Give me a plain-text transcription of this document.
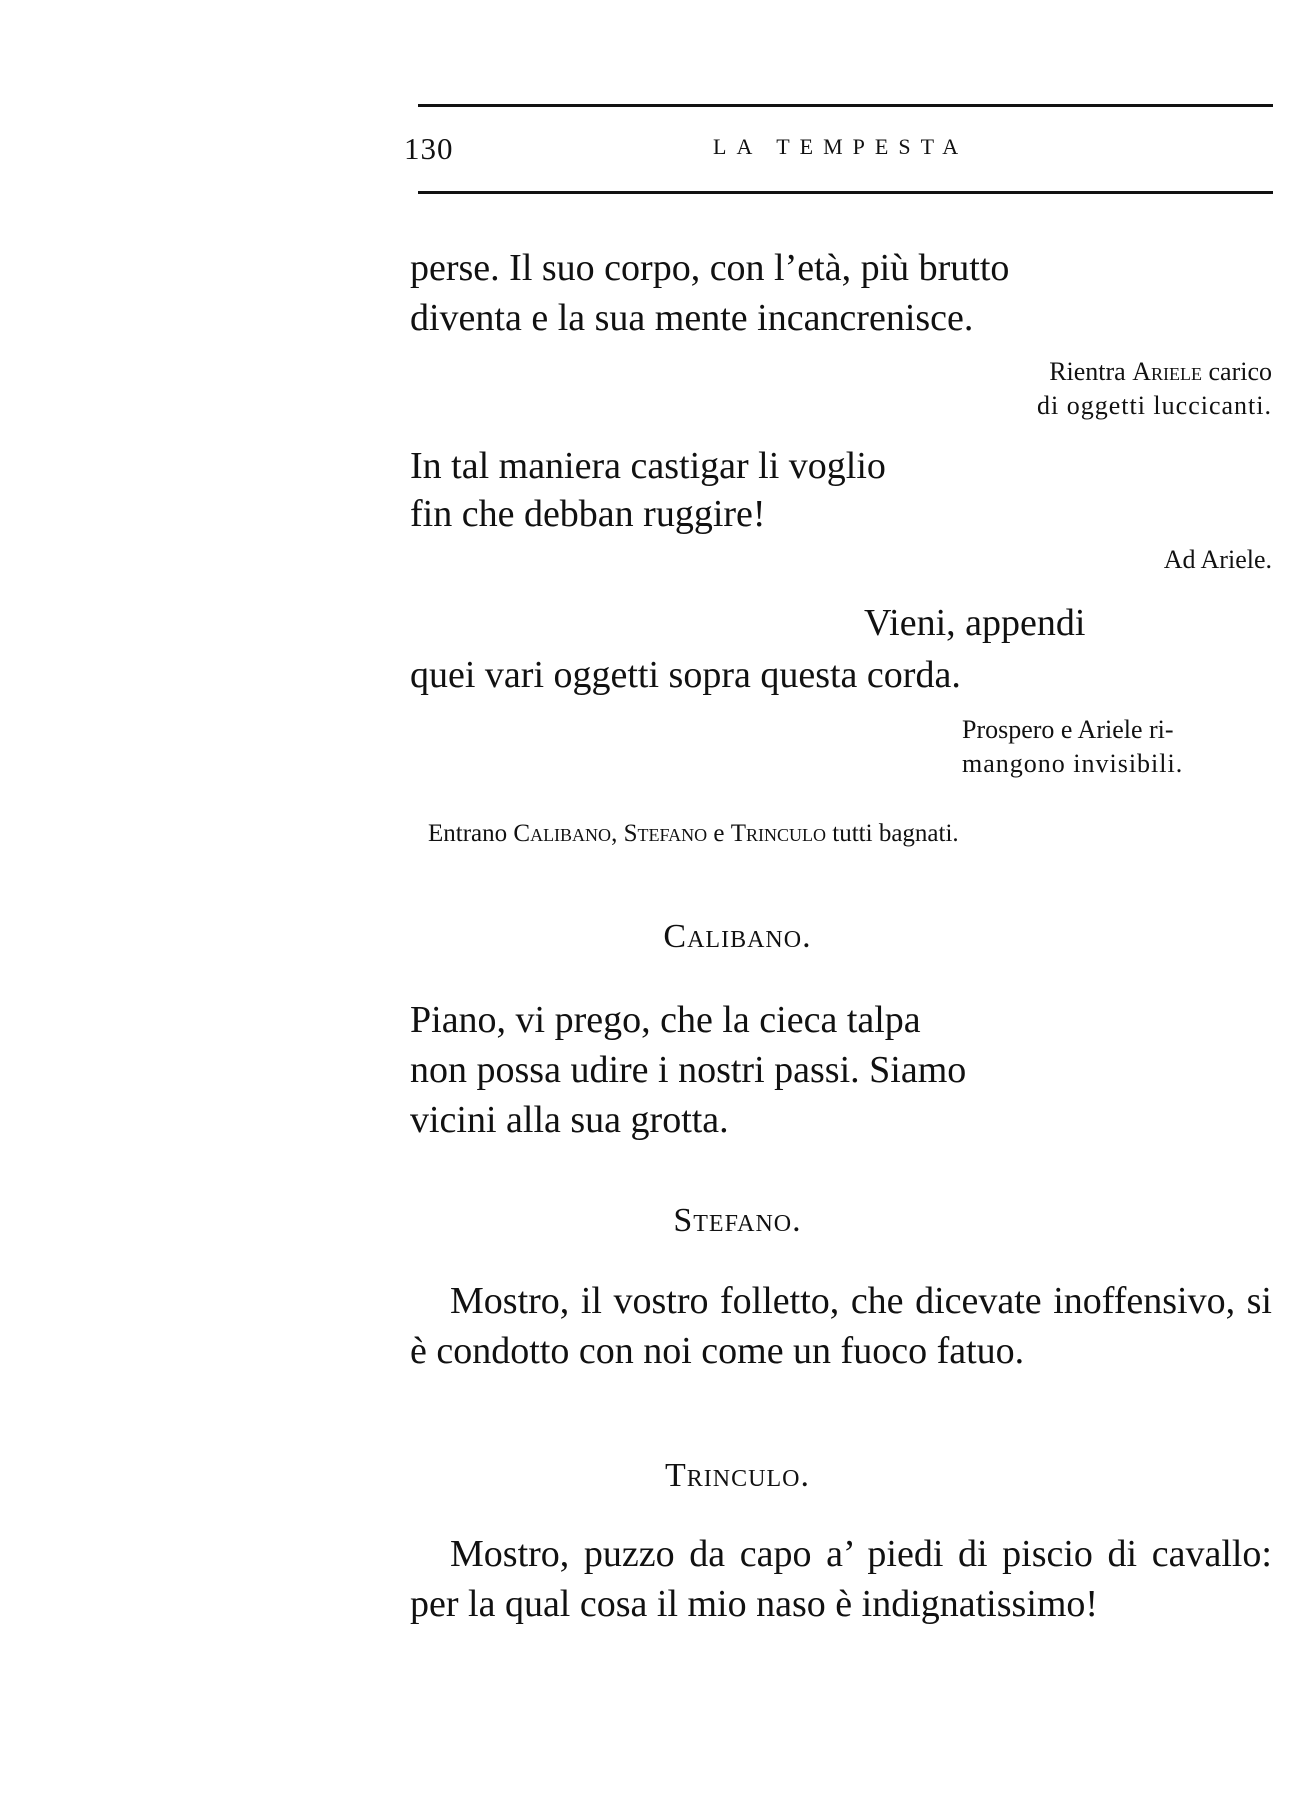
130	LA TEMPESTA
perse. Il suo corpo, con l’età, più brutto
diventa e la sua mente incancrenisce.
Rientra Ariele carico
di oggetti luccicanti.
In tal maniera castigar li voglio
fin che debban ruggire!
Ad Ariele.
Vieni, appendi
quei vari oggetti sopra questa corda.
Prospero e Ariele ri-
mangono invisibili.
Entrano Calibano, Stefano e Trinculo tutti bagnati.
Calibano.
Piano, vi prego, che la cieca talpa
non possa udire i nostri passi. Siamo
vicini alla sua grotta.
Stefano.
Mostro, il vostro folletto, che dicevate inoffensivo, si è condotto con noi come un fuoco fatuo.
Trinculo.
Mostro, puzzo da capo a’ piedi di piscio di cavallo: per la qual cosa il mio naso è indignatissimo!
